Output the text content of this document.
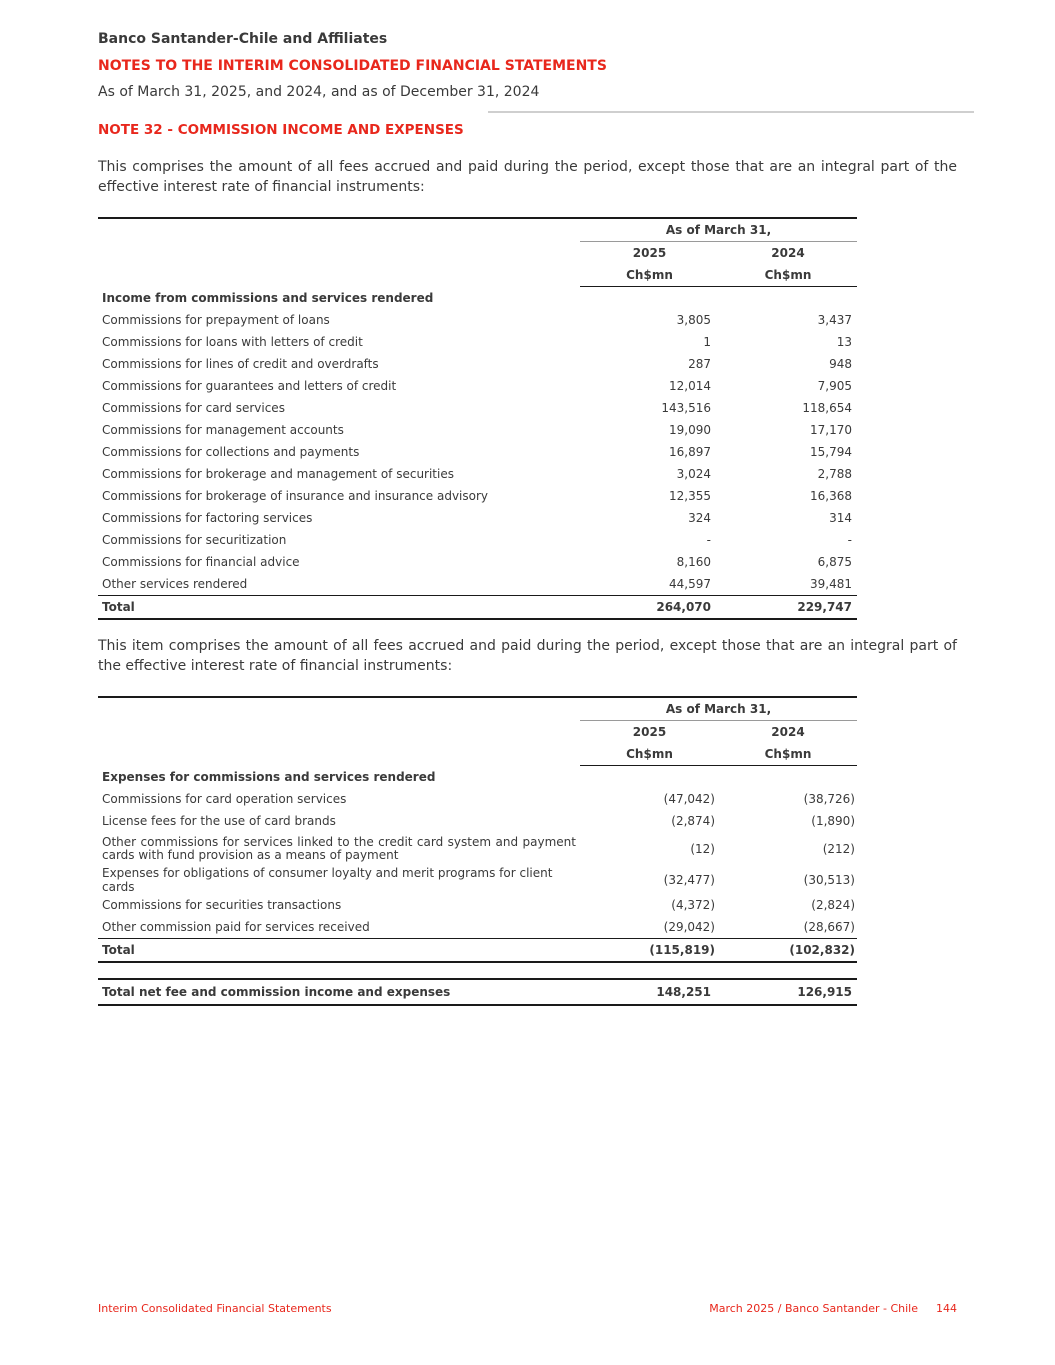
Banco Santander-Chile and Affiliates
NOTES TO THE INTERIM CONSOLIDATED FINANCIAL STATEMENTS
As of March 31, 2025, and 2024, and as of December 31, 2024
NOTE 32 - COMMISSION INCOME AND EXPENSES
This comprises the amount of all fees accrued and paid during the period, except those that are an integral part of the effective interest rate of financial instruments:
	As of March 31,	
	2025	2024
	Ch$mn	Ch$mn
Income from commissions and services rendered		
Commissions for prepayment of loans	3,805	3,437
Commissions for loans with letters of credit	1	13
Commissions for lines of credit and overdrafts	287	948
Commissions for guarantees and letters of credit	12,014	7,905
Commissions for card services	143,516	118,654
Commissions for management accounts	19,090	17,170
Commissions for collections and payments	16,897	15,794
Commissions for brokerage and management of securities	3,024	2,788
Commissions for brokerage of insurance and insurance advisory	12,355	16,368
Commissions for factoring services	324	314
Commissions for securitization	-	-
Commissions for financial advice	8,160	6,875
Other services rendered	44,597	39,481
Total	264,070	229,747
This item comprises the amount of all fees accrued and paid during the period, except those that are an integral part of the effective interest rate of financial instruments:
	As of March 31,	
	2025	2024
	Ch$mn	Ch$mn
Expenses for commissions and services rendered		
Commissions for card operation services	(47,042)	(38,726)
License fees for the use of card brands	(2,874)	(1,890)
Other commissions for services linked to the credit card system and payment cards with fund provision as a means of payment	(12)	(212)
Expenses for obligations of consumer loyalty and merit programs for client cards	(32,477)	(30,513)
Commissions for securities transactions	(4,372)	(2,824)
Other commission paid for services received	(29,042)	(28,667)
Total	(115,819)	(102,832)
Total net fee and commission income and expenses	148,251	126,915
Interim Consolidated Financial Statements	March 2025 / Banco Santander - Chile 144
